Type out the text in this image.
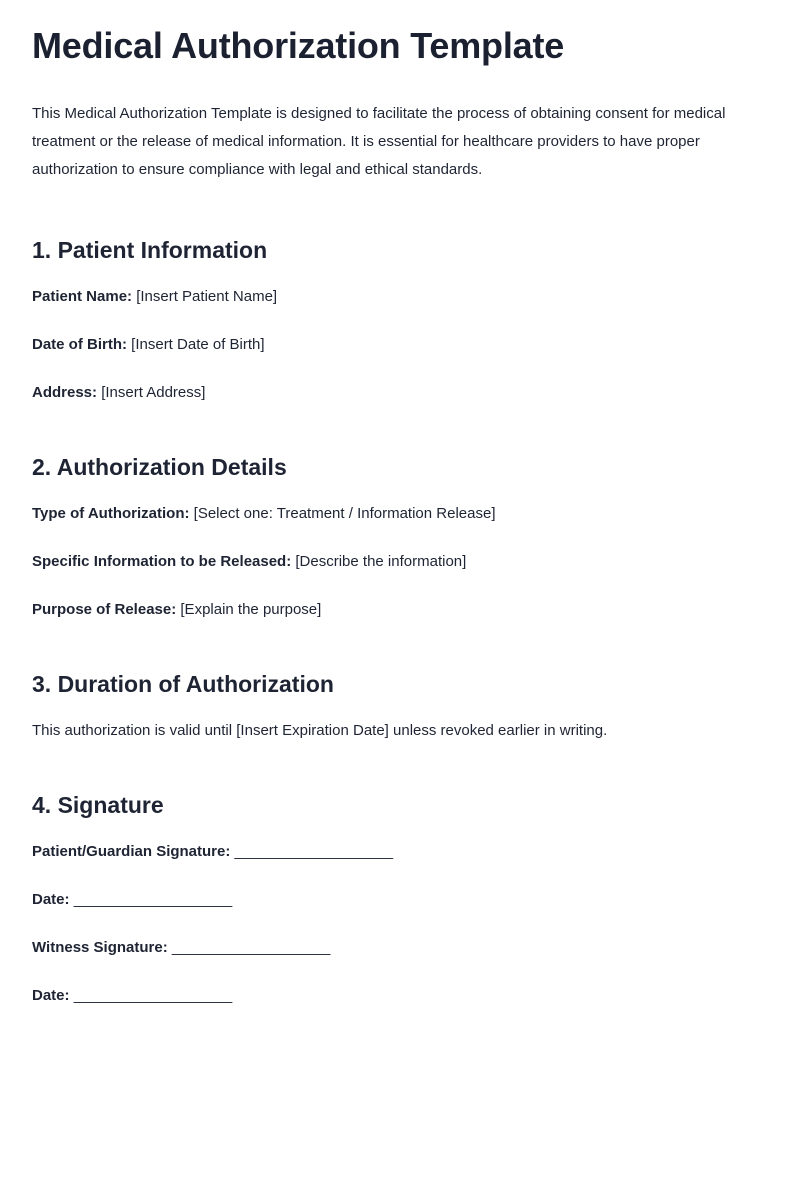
Medical Authorization Template

This Medical Authorization Template is designed to facilitate the process of obtaining consent for medical treatment or the release of medical information. It is essential for healthcare providers to have proper authorization to ensure compliance with legal and ethical standards.

1. Patient Information

Patient Name: [Insert Patient Name]

Date of Birth: [Insert Date of Birth]

Address: [Insert Address]

2. Authorization Details

Type of Authorization: [Select one: Treatment / Information Release]

Specific Information to be Released: [Describe the information]

Purpose of Release: [Explain the purpose]

3. Duration of Authorization

This authorization is valid until [Insert Expiration Date] unless revoked earlier in writing.

4. Signature

Patient/Guardian Signature: ___________________

Date: ___________________

Witness Signature: ___________________

Date: ___________________
